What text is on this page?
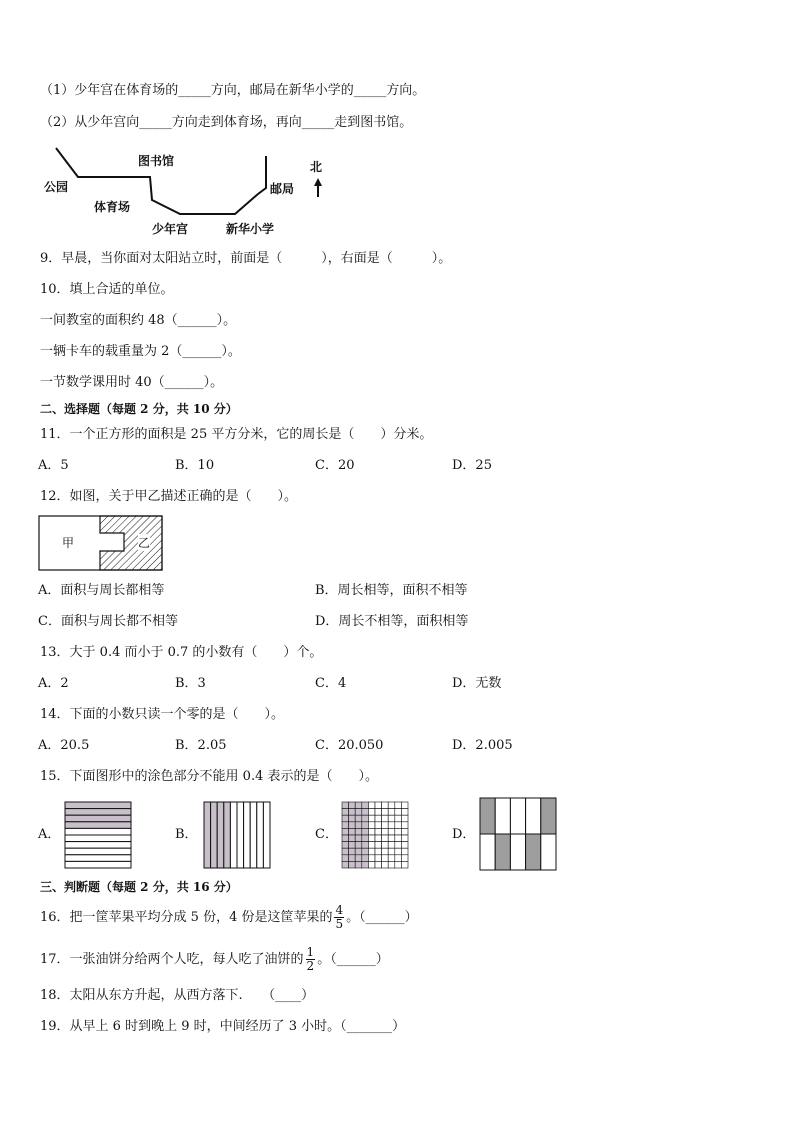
（1）少年宫在体育场的_____方向，邮局在新华小学的_____方向。
（2）从少年宫向_____方向走到体育场，再向_____走到图书馆。
图书馆
公园
体育场
少年宫	新华小学
邮局
北
9．早晨，当你面对太阳站立时，前面是（　　　），右面是（　　　）。
10．填上合适的单位。
一间教室的面积约 48（______）。
一辆卡车的载重量为 2（______）。
一节数学课用时 40（______）。
二、选择题（每题 2 分，共 10 分）
11．一个正方形的面积是 25 平方分米，它的周长是（　　）分米。
A．5	B．10	C．20	D．25
12．如图，关于甲乙描述正确的是（　　）。
甲	乙
A．面积与周长都相等	B．周长相等，面积不相等
C．面积与周长都不相等	D．周长不相等，面积相等
13．大于 0.4 而小于 0.7 的小数有（　　）个。
A．2	B．3	C．4	D．无数
14．下面的小数只读一个零的是（　　）。
A．20.5	B．2.05	C．20.050	D．2.005
15．下面图形中的涂色部分不能用 0.4 表示的是（　　）。
A．	B．	C．	D．
三、判断题（每题 2 分，共 16 分）
16．把一筐苹果平均分成 5 份，4 份是这筐苹果的 $\frac{4}{5}$ 。（______）
17．一张油饼分给两个人吃，每人吃了油饼的 $\frac{1}{2}$ 。（______）
18．太阳从东方升起，从西方落下.　　（____）
19．从早上 6 时到晚上 9 时，中间经历了 3 小时。（_______）
